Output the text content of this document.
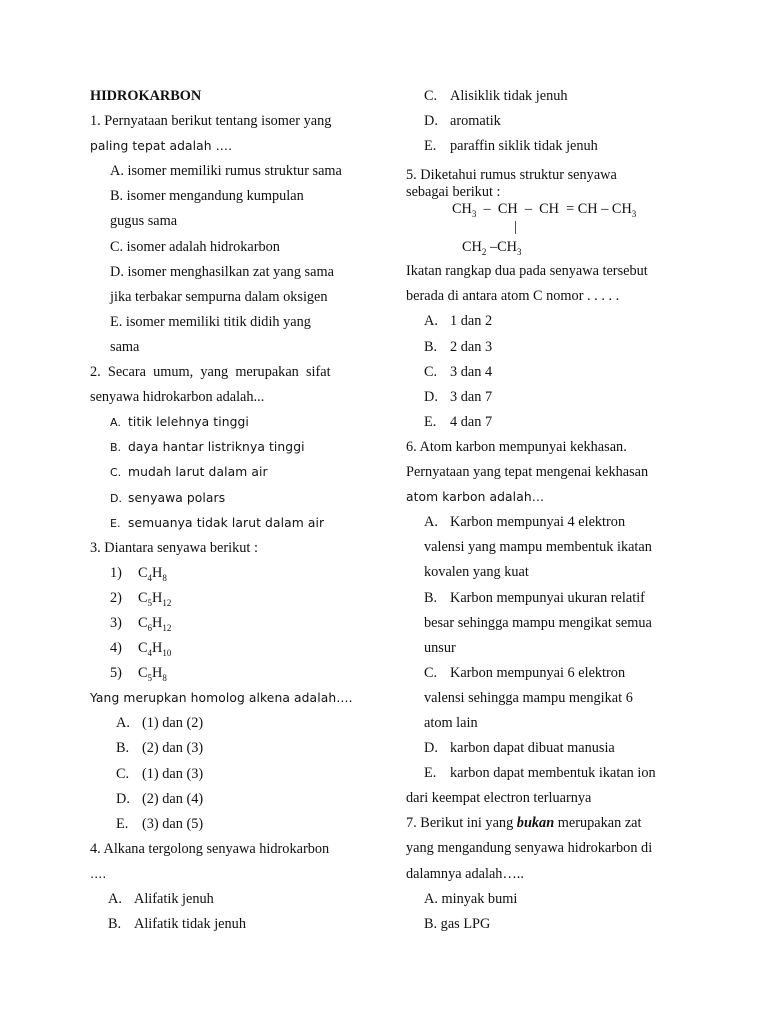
HIDROKARBON
1. Pernyataan berikut tentang isomer yang
paling tepat adalah ….
A. isomer memiliki rumus struktur sama
B. isomer mengandung kumpulan
gugus sama
C. isomer adalah hidrokarbon
D. isomer menghasilkan zat yang sama
jika terbakar sempurna dalam oksigen
E. isomer memiliki titik didih yang
sama
2.  Secara  umum,  yang  merupakan  sifat
senyawa hidrokarbon adalah...
A. titik lelehnya tinggi
B. daya hantar listriknya tinggi
C. mudah larut dalam air
D. senyawa polars
E. semuanya tidak larut dalam air
3. Diantara senyawa berikut :
1) $C_4H_8$
2) $C_5H_{12}$
3) $C_6H_{12}$
4) $C_4H_{10}$
5) $C_5H_8$
Yang merupkan homolog alkena adalah….
A. (1) dan (2)
B. (2) dan (3)
C. (1) dan (3)
D. (2) dan (4)
E. (3) dan (5)
4. Alkana tergolong senyawa hidrokarbon
….
A. Alifatik jenuh
B. Alifatik tidak jenuh
C. Alisiklik tidak jenuh
D. aromatik
E. paraffin siklik tidak jenuh
5. Diketahui rumus struktur senyawa
sebagai berikut :
$CH_3$  –  CH  –  CH  = CH – $CH_3$
|
$CH_2$ $-CH_3$
Ikatan rangkap dua pada senyawa tersebut
berada di antara atom C nomor . . . . .
A. 1 dan 2
B. 2 dan 3
C. 3 dan 4
D. 3 dan 7
E. 4 dan 7
6. Atom karbon mempunyai kekhasan.
Pernyataan yang tepat mengenai kekhasan
atom karbon adalah…
A. Karbon mempunyai 4 elektron
valensi yang mampu membentuk ikatan
kovalen yang kuat
B. Karbon mempunyai ukuran relatif
besar sehingga mampu mengikat semua
unsur
C. Karbon mempunyai 6 elektron
valensi sehingga mampu mengikat 6
atom lain
D. karbon dapat dibuat manusia
E. karbon dapat membentuk ikatan ion
dari keempat electron terluarnya
7. Berikut ini yang bukan merupakan zat
yang mengandung senyawa hidrokarbon di
dalamnya adalah…..
A. minyak bumi
B. gas LPG
